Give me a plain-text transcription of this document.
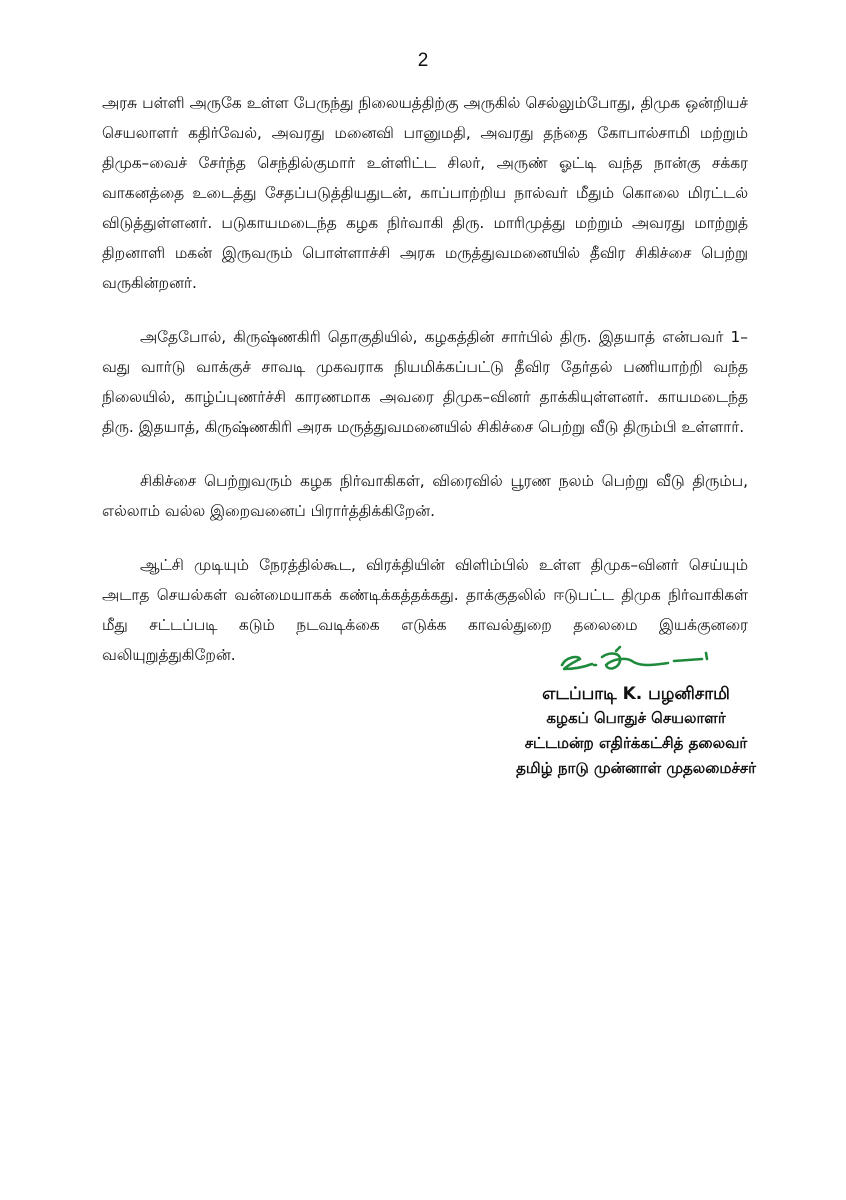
2

அரசு பள்ளி அருகே உள்ள பேருந்து நிலையத்திற்கு அருகில் செல்லும்போது, திமுக ஒன்றியச் செயலாளர் கதிர்வேல், அவரது மனைவி பானுமதி, அவரது தந்தை கோபால்சாமி மற்றும் திமுக–வைச் சேர்ந்த செந்தில்குமார் உள்ளிட்ட சிலர், அருண் ஓட்டி வந்த நான்கு சக்கர வாகனத்தை உடைத்து சேதப்படுத்தியதுடன், காப்பாற்றிய நால்வர் மீதும் கொலை மிரட்டல் விடுத்துள்ளனர். படுகாயமடைந்த கழக நிர்வாகி திரு. மாரிமுத்து மற்றும் அவரது மாற்றுத் திறனாளி மகன் இருவரும் பொள்ளாச்சி அரசு மருத்துவமனையில் தீவிர சிகிச்சை பெற்று வருகின்றனர்.

அதேபோல், கிருஷ்ணகிரி தொகுதியில், கழகத்தின் சார்பில் திரு. இதயாத் என்பவர் 1–வது வார்டு வாக்குச் சாவடி முகவராக நியமிக்கப்பட்டு தீவிர தேர்தல் பணியாற்றி வந்த நிலையில், காழ்ப்புணர்ச்சி காரணமாக அவரை திமுக–வினர் தாக்கியுள்ளனர். காயமடைந்த திரு. இதயாத், கிருஷ்ணகிரி அரசு மருத்துவமனையில் சிகிச்சை பெற்று வீடு திரும்பி உள்ளார்.

சிகிச்சை பெற்றுவரும் கழக நிர்வாகிகள், விரைவில் பூரண நலம் பெற்று வீடு திரும்ப, எல்லாம் வல்ல இறைவனைப் பிரார்த்திக்கிறேன்.

ஆட்சி முடியும் நேரத்தில்கூட, விரக்தியின் விளிம்பில் உள்ள திமுக–வினர் செய்யும் அடாத செயல்கள் வன்மையாகக் கண்டிக்கத்தக்கது. தாக்குதலில் ஈடுபட்ட திமுக நிர்வாகிகள் மீது சட்டப்படி கடும் நடவடிக்கை எடுக்க காவல்துறை தலைமை இயக்குனரை வலியுறுத்துகிறேன்.

எடப்பாடி K. பழனிசாமி

கழகப் பொதுச் செயலாளர்

சட்டமன்ற எதிர்க்கட்சித் தலைவர்

தமிழ் நாடு முன்னாள் முதலமைச்சர்
